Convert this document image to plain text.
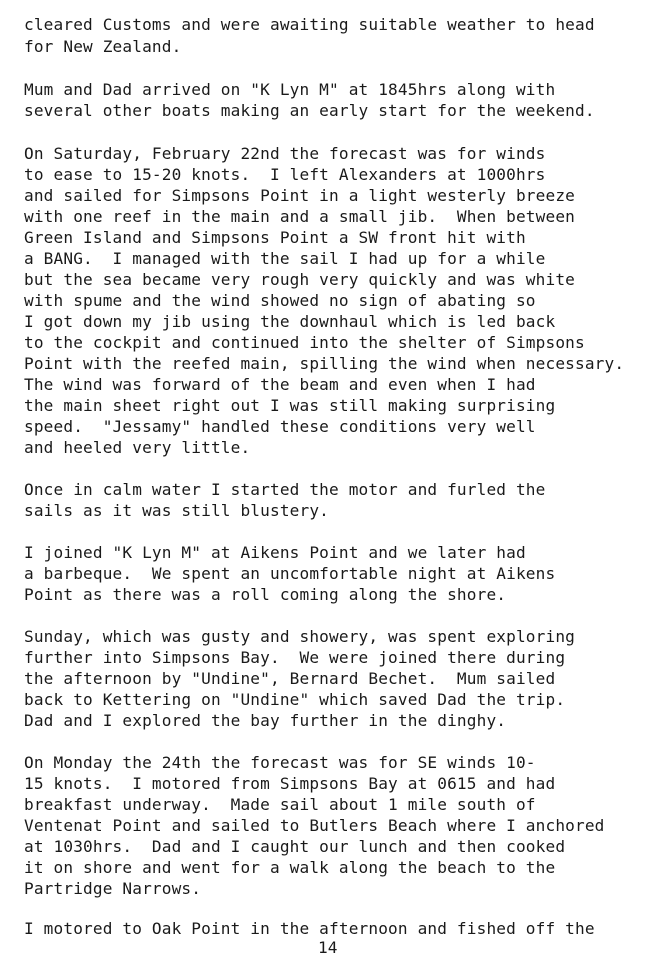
cleared Customs and were awaiting suitable weather to head
for New Zealand.
Mum and Dad arrived on "K Lyn M" at 1845hrs along with
several other boats making an early start for the weekend.
On Saturday, February 22nd the forecast was for winds
to ease to 15-20 knots.  I left Alexanders at 1000hrs
and sailed for Simpsons Point in a light westerly breeze
with one reef in the main and a small jib.  When between
Green Island and Simpsons Point a SW front hit with
a BANG.  I managed with the sail I had up for a while
but the sea became very rough very quickly and was white
with spume and the wind showed no sign of abating so
I got down my jib using the downhaul which is led back
to the cockpit and continued into the shelter of Simpsons
Point with the reefed main, spilling the wind when necessary.
The wind was forward of the beam and even when I had
the main sheet right out I was still making surprising
speed.  "Jessamy" handled these conditions very well
and heeled very little.
Once in calm water I started the motor and furled the
sails as it was still blustery.
I joined "K Lyn M" at Aikens Point and we later had
a barbeque.  We spent an uncomfortable night at Aikens
Point as there was a roll coming along the shore.
Sunday, which was gusty and showery, was spent exploring
further into Simpsons Bay.  We were joined there during
the afternoon by "Undine", Bernard Bechet.  Mum sailed
back to Kettering on "Undine" which saved Dad the trip.
Dad and I explored the bay further in the dinghy.
On Monday the 24th the forecast was for SE winds 10-
15 knots.  I motored from Simpsons Bay at 0615 and had
breakfast underway.  Made sail about 1 mile south of
Ventenat Point and sailed to Butlers Beach where I anchored
at 1030hrs.  Dad and I caught our lunch and then cooked
it on shore and went for a walk along the beach to the
Partridge Narrows.
I motored to Oak Point in the afternoon and fished off the
14
